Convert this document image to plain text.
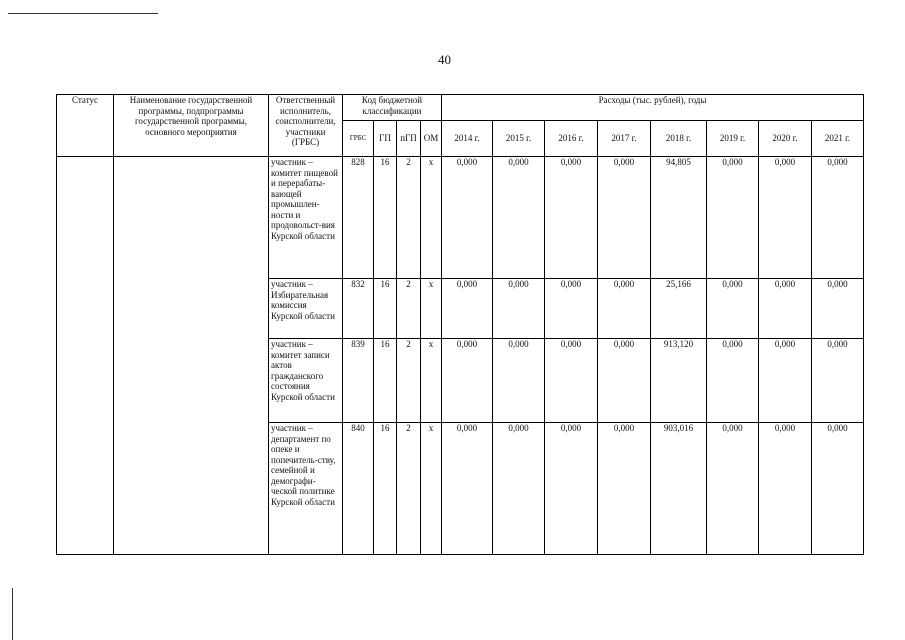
40
Статус	Наименование государственной программы, подпрограммы государственной программы, основного мероприятия	Ответственный исполнитель, соисполнители, участники (ГРБС)	Код бюджетной классификации				Расходы (тыс. рублей), годы							
			ГРБС	ГП	пГП	ОМ	2014 г.	2015 г.	2016 г.	2017 г.	2018 г.	2019 г.	2020 г.	2021 г.
		участник – комитет пищевой и перерабаты-вающей промышлен-ности и продовольст-вия Курской области	828	16	2	х	0,000	0,000	0,000	0,000	94,805	0,000	0,000	0,000
		участник – Избирательная комиссия Курской области	832	16	2	х	0,000	0,000	0,000	0,000	25,166	0,000	0,000	0,000
		участник – комитет записи актов гражданского состояния Курской области	839	16	2	х	0,000	0,000	0,000	0,000	913,120	0,000	0,000	0,000
		участник – департамент по опеке и попечитель-ству, семейной и демографи-ческой политике Курской области	840	16	2	х	0,000	0,000	0,000	0,000	903,016	0,000	0,000	0,000
